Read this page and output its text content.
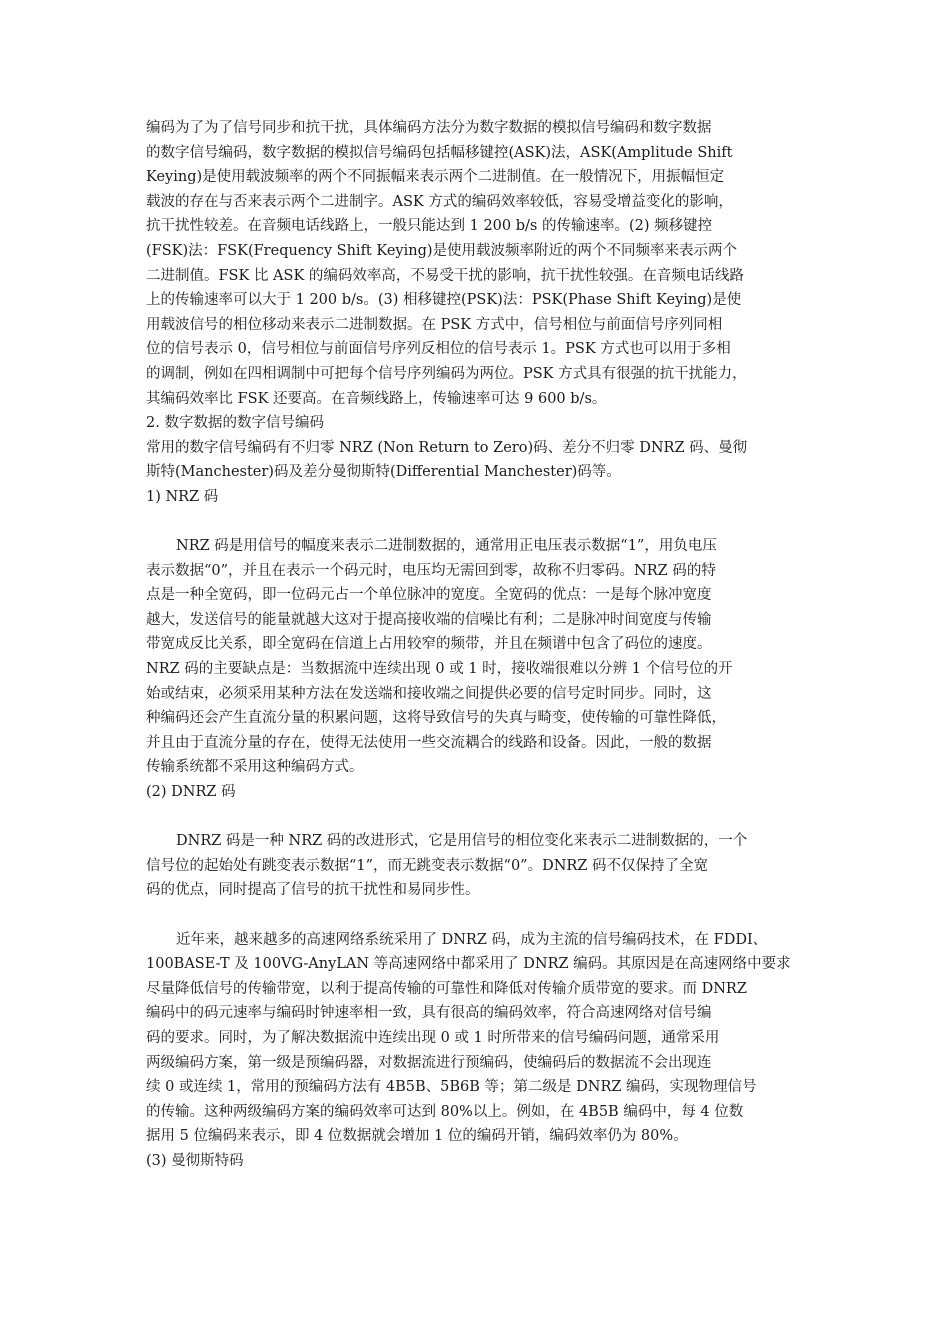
编码为了为了信号同步和抗干扰，具体编码方法分为数字数据的模拟信号编码和数字数据
的数字信号编码，数字数据的模拟信号编码包括幅移键控(ASK)法，ASK(Amplitude Shift
Keying)是使用载波频率的两个不同振幅来表示两个二进制值。在一般情况下，用振幅恒定
载波的存在与否来表示两个二进制字。ASK 方式的编码效率较低，容易受增益变化的影响，
抗干扰性较差。在音频电话线路上，一般只能达到 1 200 b/s 的传输速率。(2) 频移键控
(FSK)法：FSK(Frequency Shift Keying)是使用载波频率附近的两个不同频率来表示两个
二进制值。FSK 比 ASK 的编码效率高，不易受干扰的影响，抗干扰性较强。在音频电话线路
上的传输速率可以大于 1 200 b/s。(3) 相移键控(PSK)法：PSK(Phase Shift Keying)是使
用载波信号的相位移动来表示二进制数据。在 PSK 方式中，信号相位与前面信号序列同相
位的信号表示 0，信号相位与前面信号序列反相位的信号表示 1。PSK 方式也可以用于多相
的调制，例如在四相调制中可把每个信号序列编码为两位。PSK 方式具有很强的抗干扰能力，
其编码效率比 FSK 还要高。在音频线路上，传输速率可达 9 600 b/s。
2. 数字数据的数字信号编码
常用的数字信号编码有不归零 NRZ (Non Return to Zero)码、差分不归零 DNRZ 码、曼彻
斯特(Manchester)码及差分曼彻斯特(Differential Manchester)码等。
1) NRZ 码
NRZ 码是用信号的幅度来表示二进制数据的，通常用正电压表示数据“1”，用负电压
表示数据“0”，并且在表示一个码元时，电压均无需回到零，故称不归零码。NRZ 码的特
点是一种全宽码，即一位码元占一个单位脉冲的宽度。全宽码的优点：一是每个脉冲宽度
越大，发送信号的能量就越大这对于提高接收端的信噪比有利；二是脉冲时间宽度与传输
带宽成反比关系，即全宽码在信道上占用较窄的频带，并且在频谱中包含了码位的速度。
NRZ 码的主要缺点是：当数据流中连续出现 0 或 1 时，接收端很难以分辨 1 个信号位的开
始或结束，必须采用某种方法在发送端和接收端之间提供必要的信号定时同步。同时，这
种编码还会产生直流分量的积累问题，这将导致信号的失真与畸变，使传输的可靠性降低，
并且由于直流分量的存在，使得无法使用一些交流耦合的线路和设备。因此，一般的数据
传输系统都不采用这种编码方式。
(2) DNRZ 码
DNRZ 码是一种 NRZ 码的改进形式，它是用信号的相位变化来表示二进制数据的，一个
信号位的起始处有跳变表示数据“1”，而无跳变表示数据“0”。DNRZ 码不仅保持了全宽
码的优点，同时提高了信号的抗干扰性和易同步性。
近年来，越来越多的高速网络系统采用了 DNRZ 码，成为主流的信号编码技术，在 FDDI、
100BASE-T 及 100VG-AnyLAN 等高速网络中都采用了 DNRZ 编码。其原因是在高速网络中要求
尽量降低信号的传输带宽，以利于提高传输的可靠性和降低对传输介质带宽的要求。而 DNRZ
编码中的码元速率与编码时钟速率相一致，具有很高的编码效率，符合高速网络对信号编
码的要求。同时，为了解决数据流中连续出现 0 或 1 时所带来的信号编码问题，通常采用
两级编码方案，第一级是预编码器，对数据流进行预编码，使编码后的数据流不会出现连
续 0 或连续 1，常用的预编码方法有 4B5B、5B6B 等；第二级是 DNRZ 编码，实现物理信号
的传输。这种两级编码方案的编码效率可达到 80%以上。例如，在 4B5B 编码中，每 4 位数
据用 5 位编码来表示，即 4 位数据就会增加 1 位的编码开销，编码效率仍为 80%。
(3) 曼彻斯特码
